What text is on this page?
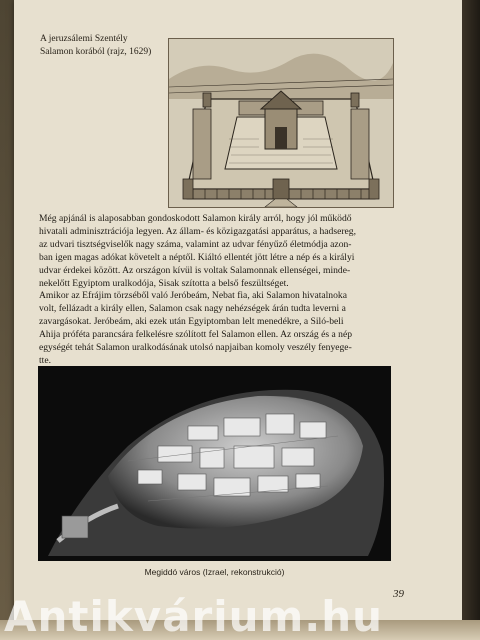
A jeruzsálemi Szentély
Salamon korából (rajz, 1629)

Még apjánál is alaposabban gondoskodott Salamon király arról, hogy jól működő

hivatali adminisztrációja legyen. Az állam- és közigazgatási apparátus, a hadsereg,

az udvari tisztségviselők nagy száma, valamint az udvar fényűző életmódja azon-

ban igen magas adókat követelt a néptől. Kiáltó ellentét jött létre a nép és a királyi

udvar érdekei között. Az országon kívül is voltak Salamonnak ellenségei, minde-

nekelőtt Egyiptom uralkodója, Sisak szította a belső feszültséget.

Amikor az Efrájim törzséből való Jeróbeám, Nebat fia, aki Salamon hivatalnoka

volt, fellázadt a király ellen, Salamon csak nagy nehézségek árán tudta leverni a

zavargásokat. Jeróbeám, aki ezek után Egyiptomban lelt menedékre, a Siló-beli

Ahija próféta parancsára felkelésre szólított fel Salamon ellen. Az ország és a nép

egységét tehát Salamon uralkodásának utolsó napjaiban komoly veszély fenyege-

tte.

Megiddó város (Izrael, rekonstrukció)
39
Antikvárium.hu
